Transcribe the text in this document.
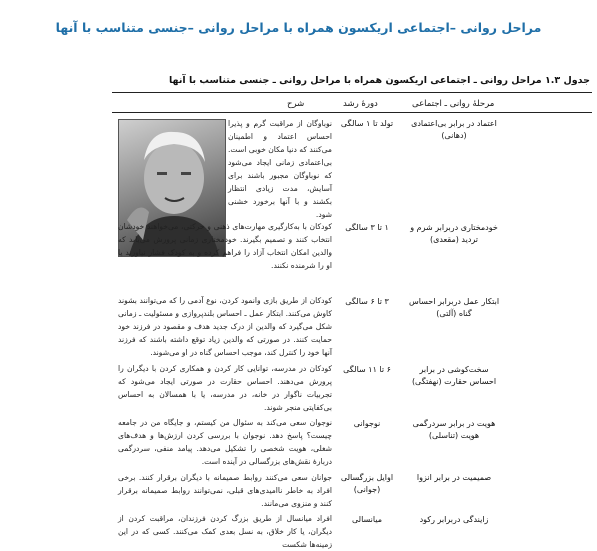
مراحل روانی –اجتماعی اریکسون همراه با مراحل روانی –جنسی متناسب با آنها
جدول ۱.۳ مراحل روانی ـ اجتماعی اریکسون همراه با مراحل روانی ـ جنسی متناسب با آنها
مرحلهٔ روانی ـ اجتماعی
دورهٔ رشد
شرح
اعتماد در برابر بی‌اعتمادی (دهانی)
تولد تا ۱ سالگی
نوباوگان از مراقبت گرم و پذیرا احساس اعتماد و اطمینان می‌کنند که دنیا مکان خوبی است. بی‌اعتمادی زمانی ایجاد می‌شود که نوباوگان مجبور باشند برای آسایش، مدت زیادی انتظار بکشند و با آنها برخورد خشنی شود.
خودمختاری دربرابر شرم و تردید (مقعدی)
۱ تا ۳ سالگی
کودکان با به‌کارگیری مهارت‌های ذهنی و حرکتی، می‌خواهند خودشان انتخاب کنند و تصمیم بگیرند. خودمختاری زمانی پرورش می‌یابد که والدین امکان انتخاب آزاد را فراهم کرده و به کودک فشار نیاورند یا او را شرمنده نکنند.
ابتکار عمل دربرابر احساس گناه (آلتی)
۳ تا ۶ سالگی
کودکان از طریق بازی وانمود کردن، نوع آدمی را که می‌توانند بشوند کاوش می‌کنند. ابتکار عمل ـ احساس بلندپروازی و مسئولیت ـ زمانی شکل می‌گیرد که والدین از درک جدید هدف و مقصود در فرزند خود حمایت کنند. در صورتی که والدین زیاد توقع داشته باشند که فرزند آنها خود را کنترل کند، موجب احساس گناه در او می‌شوند.
سخت‌کوشی در برابر احساس حقارت (نهفتگی)
۶ تا ۱۱ سالگی
کودکان در مدرسه، توانایی کار کردن و همکاری کردن با دیگران را پرورش می‌دهند. احساس حقارت در صورتی ایجاد می‌شود که تجربیات ناگوار در خانه، در مدرسه، یا با همسالان به احساس بی‌کفایتی منجر شوند.
هویت در برابر سردرگمی هویت (تناسلی)
نوجوانی
نوجوان سعی می‌کند به سئوال من کیستم، و جایگاه من در جامعه چیست؟ پاسخ دهد. نوجوان با بررسی کردن ارزش‌ها و هدف‌های شغلی، هویت شخصی را تشکیل می‌دهد. پیامد منفی، سردرگمی دربارهٔ نقش‌های بزرگسالی در آینده است.
صمیمیت در برابر انزوا
اوایل بزرگسالی (جوانی)
جوانان سعی می‌کنند روابط صمیمانه با دیگران برقرار کنند. برخی افراد به خاطر ناامیدی‌های قبلی، نمی‌توانند روابط صمیمانه برقرار کنند و منزوی می‌مانند.
زایندگی دربرابر رکود
میانسالی
افراد میانسال از طریق بزرگ کردن فرزندان، مراقبت کردن از دیگران، یا کار خلاق، به نسل بعدی کمک می‌کنند. کسی که در این زمینه‌ها شکست
